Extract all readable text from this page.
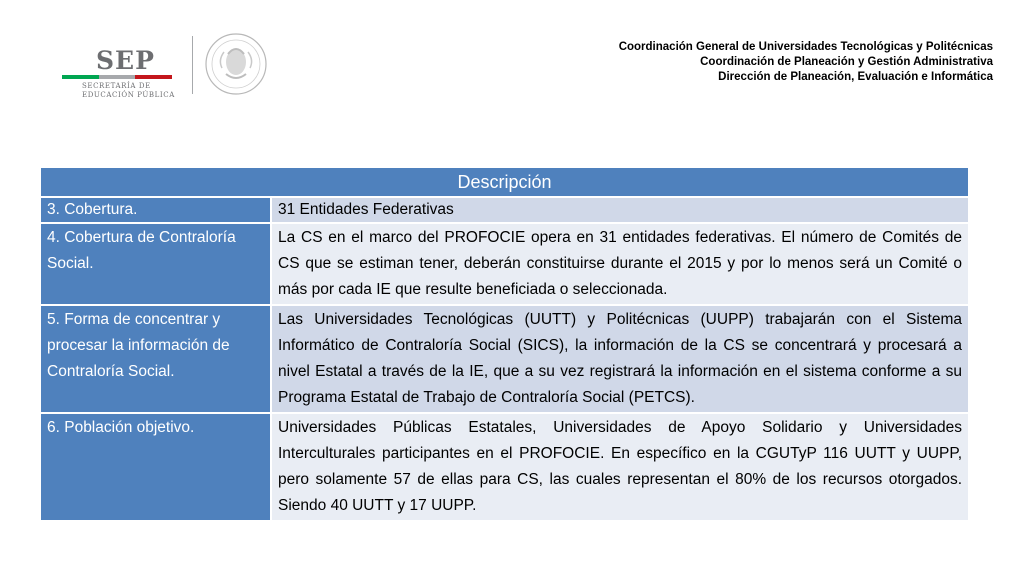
SEP
SECRETARÍA DE
EDUCACIÓN PÚBLICA
Coordinación General de Universidades Tecnológicas y Politécnicas
Coordinación de Planeación y Gestión Administrativa
Dirección de Planeación, Evaluación e Informática
Descripción	
3. Cobertura.	31 Entidades Federativas
4. Cobertura de Contraloría Social.	La CS en el marco del PROFOCIE opera en 31 entidades federativas. El número de Comités de CS que se estiman tener, deberán constituirse durante el 2015 y por lo menos será un Comité o más por cada IE que resulte beneficiada o seleccionada.
5. Forma de concentrar y procesar la información de Contraloría Social.	Las Universidades Tecnológicas (UUTT) y Politécnicas (UUPP) trabajarán con el Sistema Informático de Contraloría Social (SICS), la información de la CS se concentrará y procesará a nivel Estatal a través de la IE, que a su vez registrará la información en el sistema conforme a su Programa Estatal de Trabajo de Contraloría Social (PETCS).
6. Población objetivo.	Universidades Públicas Estatales, Universidades de Apoyo Solidario y Universidades Interculturales participantes en el PROFOCIE. En específico en la CGUTyP 116 UUTT y UUPP, pero solamente 57 de ellas para CS, las cuales representan el 80% de los recursos otorgados. Siendo 40 UUTT y 17 UUPP.
